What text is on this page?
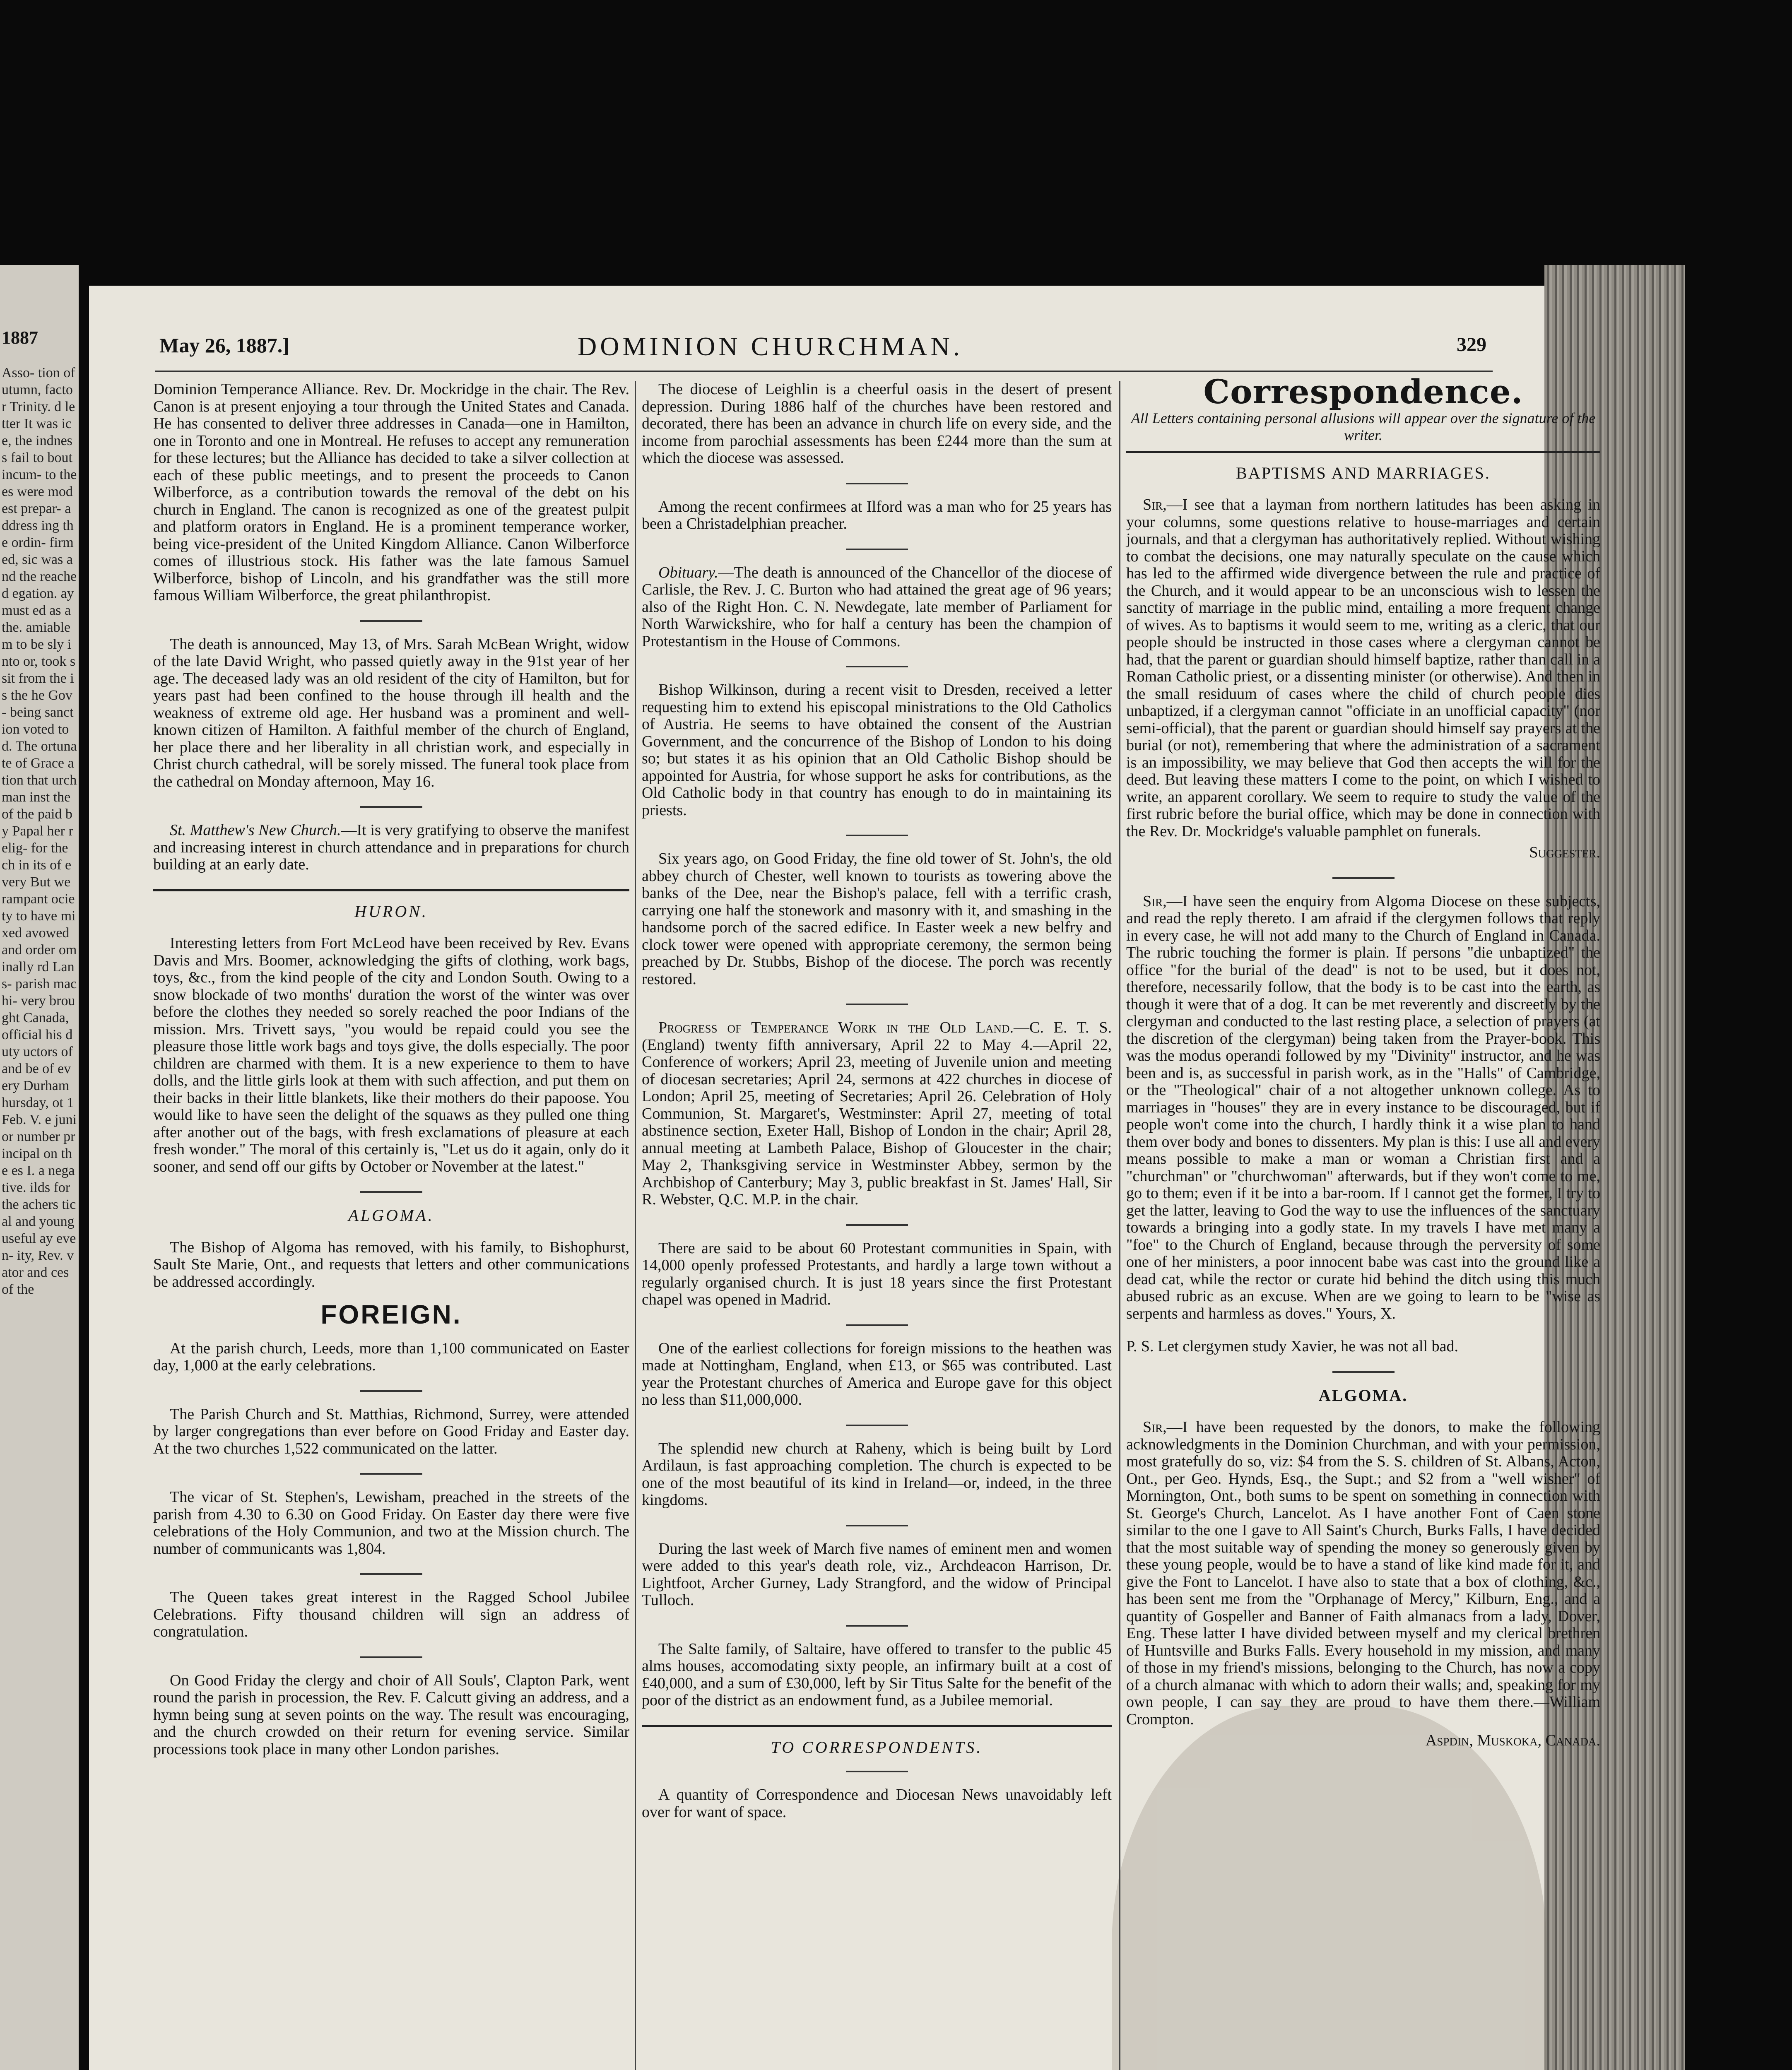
1887
Asso- tion of utumn, factor Trinity. d letter It was ice, the indness fail to bout incum- to the es were modest prepar- address ing the ordin- firmed, sic was and the reached egation. ay must ed as a the. amiable m to be sly into or, took ssit from the is the he Gov- being sanction voted to d. The ortunate of Grace ation that urchman inst the of the paid by Papal her relig- for the ch in its of every But we rampant ociety to have mixed avowed and order ominally rd Lans- parish machi- very brought Canada, official his duty uctors of and be of every Durham hursday, ot 1 Feb. V. e junior number principal on the es I. a negative. ilds for the achers tical and young useful ay even- ity, Rev. vator and ces of the
May 26, 1887.]	DOMINION CHURCHMAN.	329

Dominion Temperance Alliance. Rev. Dr. Mockridge in the chair. The Rev. Canon is at present enjoying a tour through the United States and Canada. He has consented to deliver three addresses in Canada—one in Hamilton, one in Toronto and one in Montreal. He refuses to accept any remuneration for these lectures; but the Alliance has decided to take a silver collection at each of these public meetings, and to present the proceeds to Canon Wilberforce, as a contribution towards the removal of the debt on his church in England. The canon is recognized as one of the greatest pulpit and platform orators in England. He is a prominent temperance worker, being vice-president of the United Kingdom Alliance. Canon Wilberforce comes of illustrious stock. His father was the late famous Samuel Wilberforce, bishop of Lincoln, and his grandfather was the still more famous William Wilberforce, the great philanthropist.

The death is announced, May 13, of Mrs. Sarah McBean Wright, widow of the late David Wright, who passed quietly away in the 91st year of her age. The deceased lady was an old resident of the city of Hamilton, but for years past had been confined to the house through ill health and the weakness of extreme old age. Her husband was a prominent and well-known citizen of Hamilton. A faithful member of the church of England, her place there and her liberality in all christian work, and especially in Christ church cathedral, will be sorely missed. The funeral took place from the cathedral on Monday afternoon, May 16.

St. Matthew's New Church.—It is very gratifying to observe the manifest and increasing interest in church attendance and in preparations for church building at an early date.

HURON.

Interesting letters from Fort McLeod have been received by Rev. Evans Davis and Mrs. Boomer, acknowledging the gifts of clothing, work bags, toys, &c., from the kind people of the city and London South. Owing to a snow blockade of two months' duration the worst of the winter was over before the clothes they needed so sorely reached the poor Indians of the mission. Mrs. Trivett says, "you would be repaid could you see the pleasure those little work bags and toys give, the dolls especially. The poor children are charmed with them. It is a new experience to them to have dolls, and the little girls look at them with such affection, and put them on their backs in their little blankets, like their mothers do their papoose. You would like to have seen the delight of the squaws as they pulled one thing after another out of the bags, with fresh exclamations of pleasure at each fresh wonder." The moral of this certainly is, "Let us do it again, only do it sooner, and send off our gifts by October or November at the latest."

ALGOMA.

The Bishop of Algoma has removed, with his family, to Bishophurst, Sault Ste Marie, Ont., and requests that letters and other communications be addressed accordingly.

FOREIGN.

At the parish church, Leeds, more than 1,100 communicated on Easter day, 1,000 at the early celebrations.

The Parish Church and St. Matthias, Richmond, Surrey, were attended by larger congregations than ever before on Good Friday and Easter day. At the two churches 1,522 communicated on the latter.

The vicar of St. Stephen's, Lewisham, preached in the streets of the parish from 4.30 to 6.30 on Good Friday. On Easter day there were five celebrations of the Holy Communion, and two at the Mission church. The number of communicants was 1,804.

The Queen takes great interest in the Ragged School Jubilee Celebrations. Fifty thousand children will sign an address of congratulation.

On Good Friday the clergy and choir of All Souls', Clapton Park, went round the parish in procession, the Rev. F. Calcutt giving an address, and a hymn being sung at seven points on the way. The result was encouraging, and the church crowded on their return for evening service. Similar processions took place in many other London parishes.

The diocese of Leighlin is a cheerful oasis in the desert of present depression. During 1886 half of the churches have been restored and decorated, there has been an advance in church life on every side, and the income from parochial assessments has been £244 more than the sum at which the diocese was assessed.

Among the recent confirmees at Ilford was a man who for 25 years has been a Christadelphian preacher.

Obituary.—The death is announced of the Chancellor of the diocese of Carlisle, the Rev. J. C. Burton who had attained the great age of 96 years; also of the Right Hon. C. N. Newdegate, late member of Parliament for North Warwickshire, who for half a century has been the champion of Protestantism in the House of Commons.

Bishop Wilkinson, during a recent visit to Dresden, received a letter requesting him to extend his episcopal ministrations to the Old Catholics of Austria. He seems to have obtained the consent of the Austrian Government, and the concurrence of the Bishop of London to his doing so; but states it as his opinion that an Old Catholic Bishop should be appointed for Austria, for whose support he asks for contributions, as the Old Catholic body in that country has enough to do in maintaining its priests.

Six years ago, on Good Friday, the fine old tower of St. John's, the old abbey church of Chester, well known to tourists as towering above the banks of the Dee, near the Bishop's palace, fell with a terrific crash, carrying one half the stonework and masonry with it, and smashing in the handsome porch of the sacred edifice. In Easter week a new belfry and clock tower were opened with appropriate ceremony, the sermon being preached by Dr. Stubbs, Bishop of the diocese. The porch was recently restored.

Progress of Temperance Work in the Old Land.—C. E. T. S. (England) twenty fifth anniversary, April 22 to May 4.—April 22, Conference of workers; April 23, meeting of Juvenile union and meeting of diocesan secretaries; April 24, sermons at 422 churches in diocese of London; April 25, meeting of Secretaries; April 26. Celebration of Holy Communion, St. Margaret's, Westminster: April 27, meeting of total abstinence section, Exeter Hall, Bishop of London in the chair; April 28, annual meeting at Lambeth Palace, Bishop of Gloucester in the chair; May 2, Thanksgiving service in Westminster Abbey, sermon by the Archbishop of Canterbury; May 3, public breakfast in St. James' Hall, Sir R. Webster, Q.C. M.P. in the chair.

There are said to be about 60 Protestant communities in Spain, with 14,000 openly professed Protestants, and hardly a large town without a regularly organised church. It is just 18 years since the first Protestant chapel was opened in Madrid.

One of the earliest collections for foreign missions to the heathen was made at Nottingham, England, when £13, or $65 was contributed. Last year the Protestant churches of America and Europe gave for this object no less than $11,000,000.

The splendid new church at Raheny, which is being built by Lord Ardilaun, is fast approaching completion. The church is expected to be one of the most beautiful of its kind in Ireland—or, indeed, in the three kingdoms.

During the last week of March five names of eminent men and women were added to this year's death role, viz., Archdeacon Harrison, Dr. Lightfoot, Archer Gurney, Lady Strangford, and the widow of Principal Tulloch.

The Salte family, of Saltaire, have offered to transfer to the public 45 alms houses, accomodating sixty people, an infirmary built at a cost of £40,000, and a sum of £30,000, left by Sir Titus Salte for the benefit of the poor of the district as an endowment fund, as a Jubilee memorial.

TO CORRESPONDENTS.

A quantity of Correspondence and Diocesan News unavoidably left over for want of space.

Correspondence.
All Letters containing personal allusions will appear over the signature of the writer.
BAPTISMS AND MARRIAGES.

Sir,—I see that a layman from northern latitudes has been asking in your columns, some questions relative to house-marriages and certain journals, and that a clergyman has authoritatively replied. Without wishing to combat the decisions, one may naturally speculate on the cause which has led to the affirmed wide divergence between the rule and practice of the Church, and it would appear to be an unconscious wish to lessen the sanctity of marriage in the public mind, entailing a more frequent change of wives. As to baptisms it would seem to me, writing as a cleric, that our people should be instructed in those cases where a clergyman cannot be had, that the parent or guardian should himself baptize, rather than call in a Roman Catholic priest, or a dissenting minister (or otherwise). And then in the small residuum of cases where the child of church people dies unbaptized, if a clergyman cannot "officiate in an unofficial capacity" (nor semi-official), that the parent or guardian should himself say prayers at the burial (or not), remembering that where the administration of a sacrament is an impossibility, we may believe that God then accepts the will for the deed. But leaving these matters I come to the point, on which I wished to write, an apparent corollary. We seem to require to study the value of the first rubric before the burial office, which may be done in connection with the Rev. Dr. Mockridge's valuable pamphlet on funerals.

Suggester.

Sir,—I have seen the enquiry from Algoma Diocese on these subjects, and read the reply thereto. I am afraid if the clergymen follows that reply in every case, he will not add many to the Church of England in Canada. The rubric touching the former is plain. If persons "die unbaptized" the office "for the burial of the dead" is not to be used, but it does not, therefore, necessarily follow, that the body is to be cast into the earth, as though it were that of a dog. It can be met reverently and discreetly by the clergyman and conducted to the last resting place, a selection of prayers (at the discretion of the clergyman) being taken from the Prayer-book. This was the modus operandi followed by my "Divinity" instructor, and he was been and is, as successful in parish work, as in the "Halls" of Cambridge, or the "Theological" chair of a not altogether unknown college. As to marriages in "houses" they are in every instance to be discouraged, but if people won't come into the church, I hardly think it a wise plan to hand them over body and bones to dissenters. My plan is this: I use all and every means possible to make a man or woman a Christian first and a "churchman" or "churchwoman" afterwards, but if they won't come to me, go to them; even if it be into a bar-room. If I cannot get the former, I try to get the latter, leaving to God the way to use the influences of the sanctuary towards a bringing into a godly state. In my travels I have met many a "foe" to the Church of England, because through the perversity of some one of her ministers, a poor innocent babe was cast into the ground like a dead cat, while the rector or curate hid behind the ditch using this much abused rubric as an excuse. When are we going to learn to be "wise as serpents and harmless as doves." Yours, X.

P. S. Let clergymen study Xavier, he was not all bad.

ALGOMA.

Sir,—I have been requested by the donors, to make the following acknowledgments in the Dominion Churchman, and with your permission, most gratefully do so, viz: $4 from the S. S. children of St. Albans, Acton, Ont., per Geo. Hynds, Esq., the Supt.; and $2 from a "well wisher" of Mornington, Ont., both sums to be spent on something in connection with St. George's Church, Lancelot. As I have another Font of Caen stone similar to the one I gave to All Saint's Church, Burks Falls, I have decided that the most suitable way of spending the money so generously given by these young people, would be to have a stand of like kind made for it, and give the Font to Lancelot. I have also to state that a box of clothing, &c., has been sent me from the "Orphanage of Mercy," Kilburn, Eng., and a quantity of Gospeller and Banner of Faith almanacs from a lady, Dover, Eng. These latter I have divided between myself and my clerical brethren of Huntsville and Burks Falls. Every household in my mission, and many of those in my friend's missions, belonging to the Church, has now a copy of a church almanac with which to adorn their walls; and, speaking for my own people, I can say they are proud to have them there.—William Crompton.

Aspdin, Muskoka, Canada.
